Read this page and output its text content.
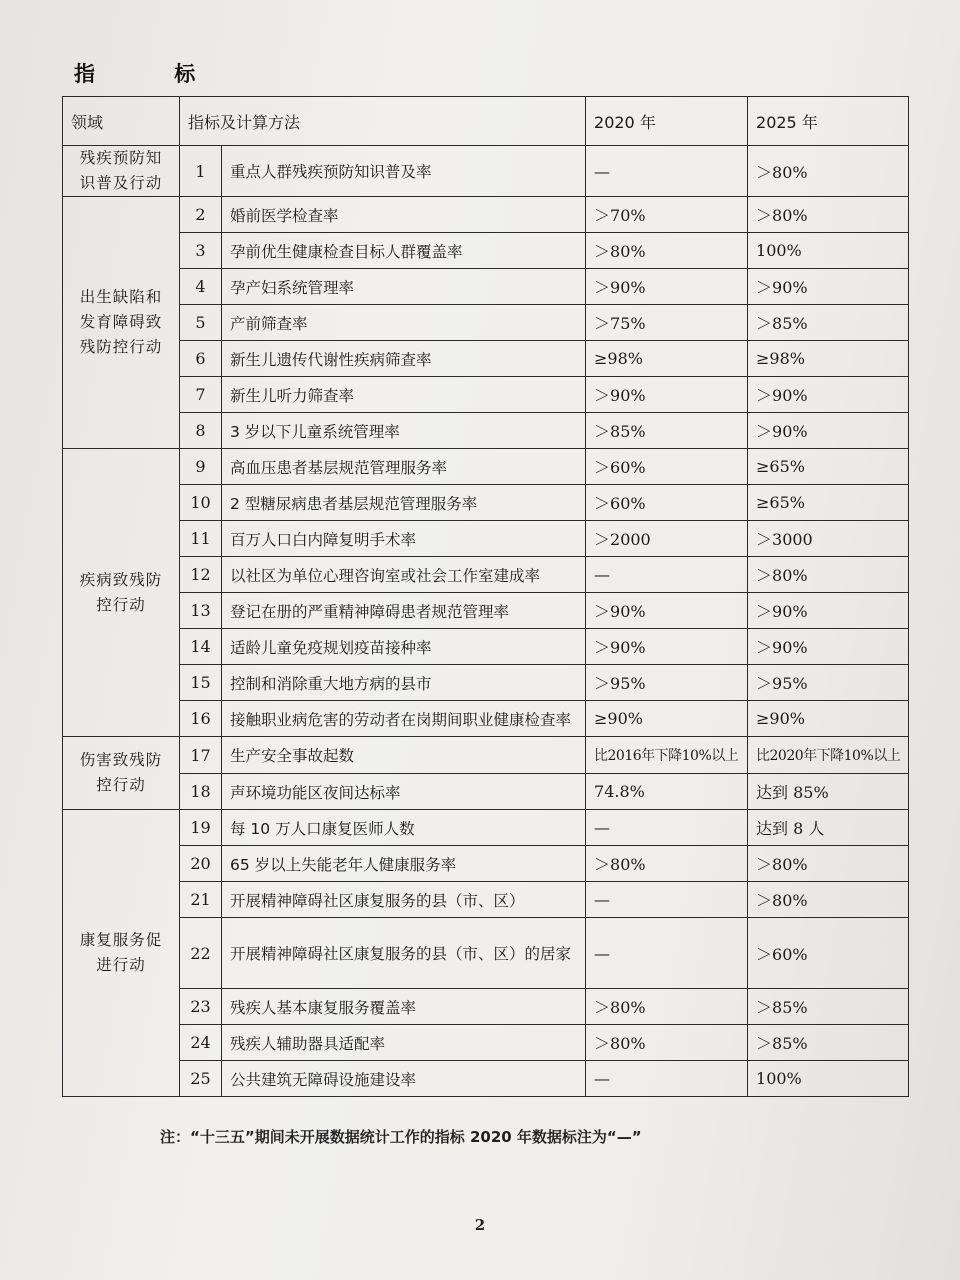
指 标
领域	指标及计算方法		2020 年	2025 年
残疾预防知识普及行动	1	重点人群残疾预防知识普及率	—	＞80%
出生缺陷和发育障碍致残防控行动	2	婚前医学检查率	＞70%	＞80%
	3	孕前优生健康检查目标人群覆盖率	＞80%	100%
	4	孕产妇系统管理率	＞90%	＞90%
	5	产前筛查率	＞75%	＞85%
	6	新生儿遗传代谢性疾病筛查率	≥98%	≥98%
	7	新生儿听力筛查率	＞90%	＞90%
	8	3 岁以下儿童系统管理率	＞85%	＞90%
疾病致残防控行动	9	高血压患者基层规范管理服务率	＞60%	≥65%
	10	2 型糖尿病患者基层规范管理服务率	＞60%	≥65%
	11	百万人口白内障复明手术率	＞2000	＞3000
	12	以社区为单位心理咨询室或社会工作室建成率	—	＞80%
	13	登记在册的严重精神障碍患者规范管理率	＞90%	＞90%
	14	适龄儿童免疫规划疫苗接种率	＞90%	＞90%
	15	控制和消除重大地方病的县市	＞95%	＞95%
	16	接触职业病危害的劳动者在岗期间职业健康检查率	≥90%	≥90%
伤害致残防控行动	17	生产安全事故起数	比2016年下降10%以上	比2020年下降10%以上
	18	声环境功能区夜间达标率	74.8%	达到 85%
康复服务促进行动	19	每 10 万人口康复医师人数	—	达到 8 人
	20	65 岁以上失能老年人健康服务率	＞80%	＞80%
	21	开展精神障碍社区康复服务的县（市、区）	—	＞80%
	22	开展精神障碍社区康复服务的县（市、区）的居家	—	＞60%
	23	残疾人基本康复服务覆盖率	＞80%	＞85%
	24	残疾人辅助器具适配率	＞80%	＞85%
	25	公共建筑无障碍设施建设率	—	100%
注：“十三五”期间未开展数据统计工作的指标 2020 年数据标注为“—”
2
